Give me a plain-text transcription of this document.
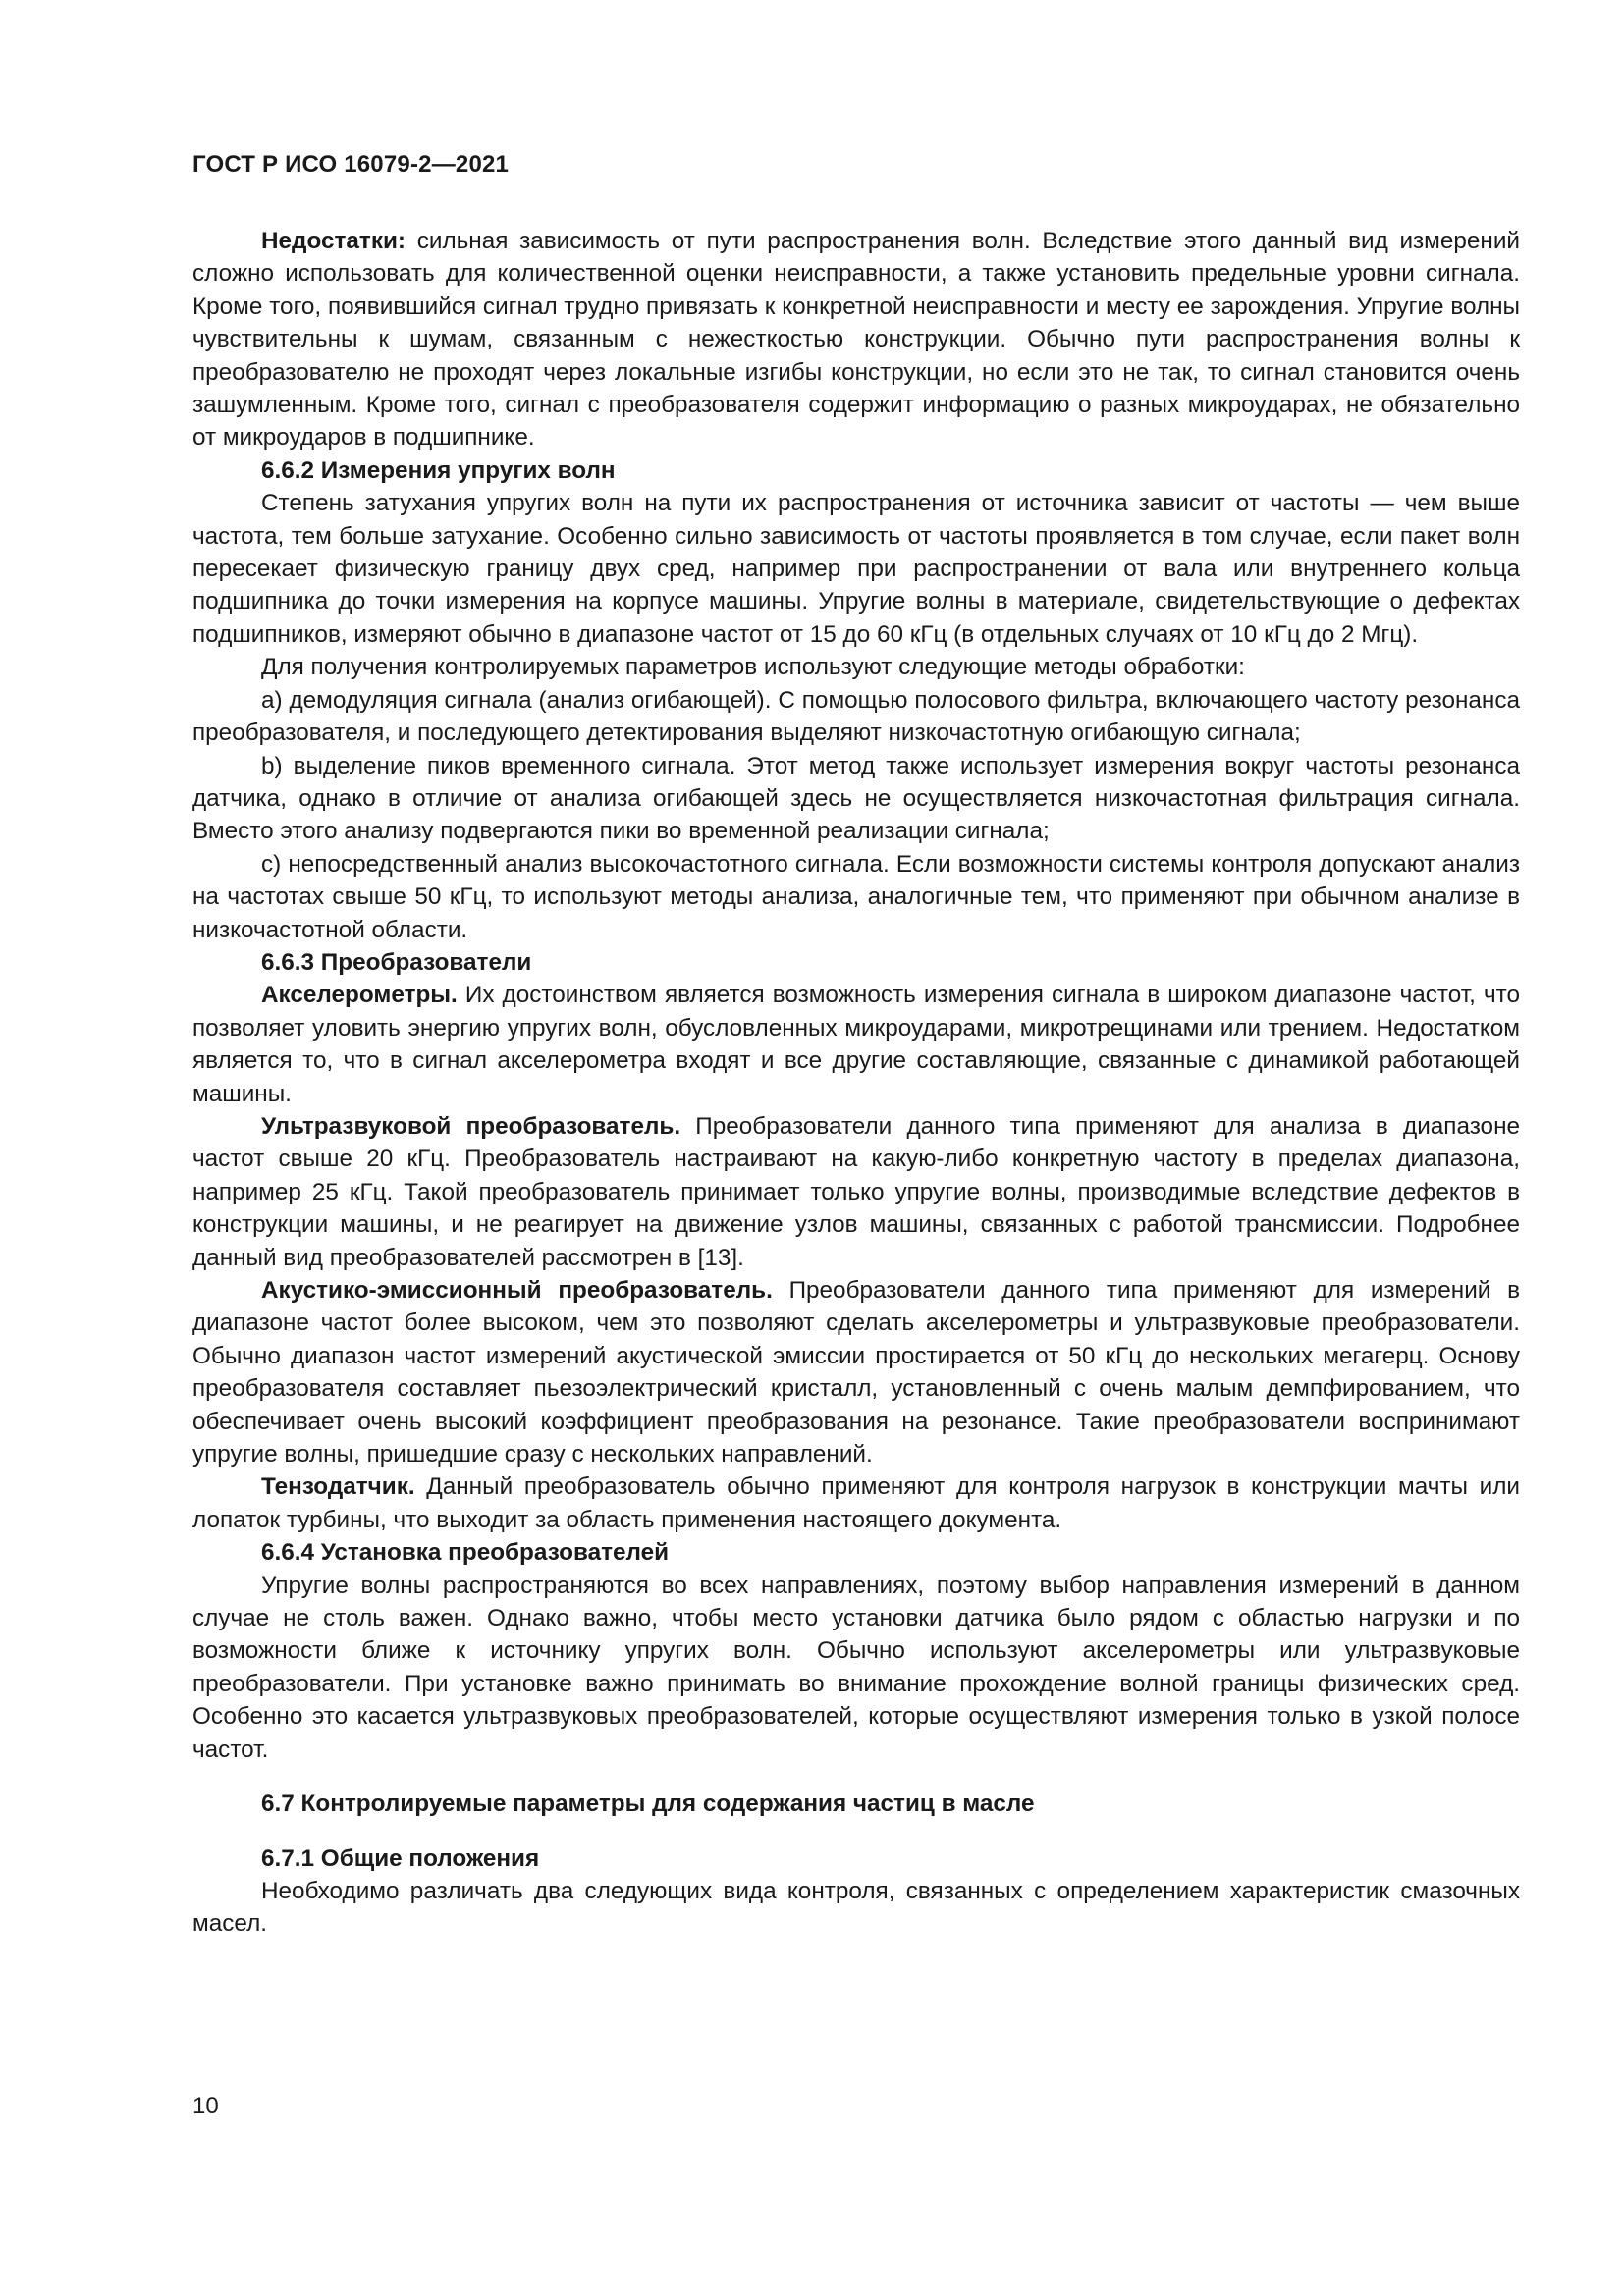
ГОСТ Р ИСО 16079-2—2021

Недостатки: сильная зависимость от пути распространения волн. Вследствие этого данный вид измерений сложно использовать для количественной оценки неисправности, а также установить предельные уровни сигнала. Кроме того, появившийся сигнал трудно привязать к конкретной неисправности и месту ее зарождения. Упругие волны чувствительны к шумам, связанным с нежесткостью конструкции. Обычно пути распространения волны к преобразователю не проходят через локальные изгибы конструкции, но если это не так, то сигнал становится очень зашумленным. Кроме того, сигнал с преобразователя содержит информацию о разных микроударах, не обязательно от микроударов в подшипнике.

6.6.2 Измерения упругих волн

Степень затухания упругих волн на пути их распространения от источника зависит от частоты — чем выше частота, тем больше затухание. Особенно сильно зависимость от частоты проявляется в том случае, если пакет волн пересекает физическую границу двух сред, например при распространении от вала или внутреннего кольца подшипника до точки измерения на корпусе машины. Упругие волны в материале, свидетельствующие о дефектах подшипников, измеряют обычно в диапазоне частот от 15 до 60 кГц (в отдельных случаях от 10 кГц до 2 Мгц).

Для получения контролируемых параметров используют следующие методы обработки:

а) демодуляция сигнала (анализ огибающей). С помощью полосового фильтра, включающего частоту резонанса преобразователя, и последующего детектирования выделяют низкочастотную огибающую сигнала;

b) выделение пиков временного сигнала. Этот метод также использует измерения вокруг частоты резонанса датчика, однако в отличие от анализа огибающей здесь не осуществляется низкочастотная фильтрация сигнала. Вместо этого анализу подвергаются пики во временной реализации сигнала;

c) непосредственный анализ высокочастотного сигнала. Если возможности системы контроля допускают анализ на частотах свыше 50 кГц, то используют методы анализа, аналогичные тем, что применяют при обычном анализе в низкочастотной области.

6.6.3 Преобразователи

Акселерометры. Их достоинством является возможность измерения сигнала в широком диапазоне частот, что позволяет уловить энергию упругих волн, обусловленных микроударами, микротрещинами или трением. Недостатком является то, что в сигнал акселерометра входят и все другие составляющие, связанные с динамикой работающей машины.

Ультразвуковой преобразователь. Преобразователи данного типа применяют для анализа в диапазоне частот свыше 20 кГц. Преобразователь настраивают на какую-либо конкретную частоту в пределах диапазона, например 25 кГц. Такой преобразователь принимает только упругие волны, производимые вследствие дефектов в конструкции машины, и не реагирует на движение узлов машины, связанных с работой трансмиссии. Подробнее данный вид преобразователей рассмотрен в [13].

Акустико-эмиссионный преобразователь. Преобразователи данного типа применяют для измерений в диапазоне частот более высоком, чем это позволяют сделать акселерометры и ультразвуковые преобразователи. Обычно диапазон частот измерений акустической эмиссии простирается от 50 кГц до нескольких мегагерц. Основу преобразователя составляет пьезоэлектрический кристалл, установленный с очень малым демпфированием, что обеспечивает очень высокий коэффициент преобразования на резонансе. Такие преобразователи воспринимают упругие волны, пришедшие сразу с нескольких направлений.

Тензодатчик. Данный преобразователь обычно применяют для контроля нагрузок в конструкции мачты или лопаток турбины, что выходит за область применения настоящего документа.

6.6.4 Установка преобразователей

Упругие волны распространяются во всех направлениях, поэтому выбор направления измерений в данном случае не столь важен. Однако важно, чтобы место установки датчика было рядом с областью нагрузки и по возможности ближе к источнику упругих волн. Обычно используют акселерометры или ультразвуковые преобразователи. При установке важно принимать во внимание прохождение волной границы физических сред. Особенно это касается ультразвуковых преобразователей, которые осуществляют измерения только в узкой полосе частот.

6.7 Контролируемые параметры для содержания частиц в масле
6.7.1 Общие положения

Необходимо различать два следующих вида контроля, связанных с определением характеристик смазочных масел.

10
